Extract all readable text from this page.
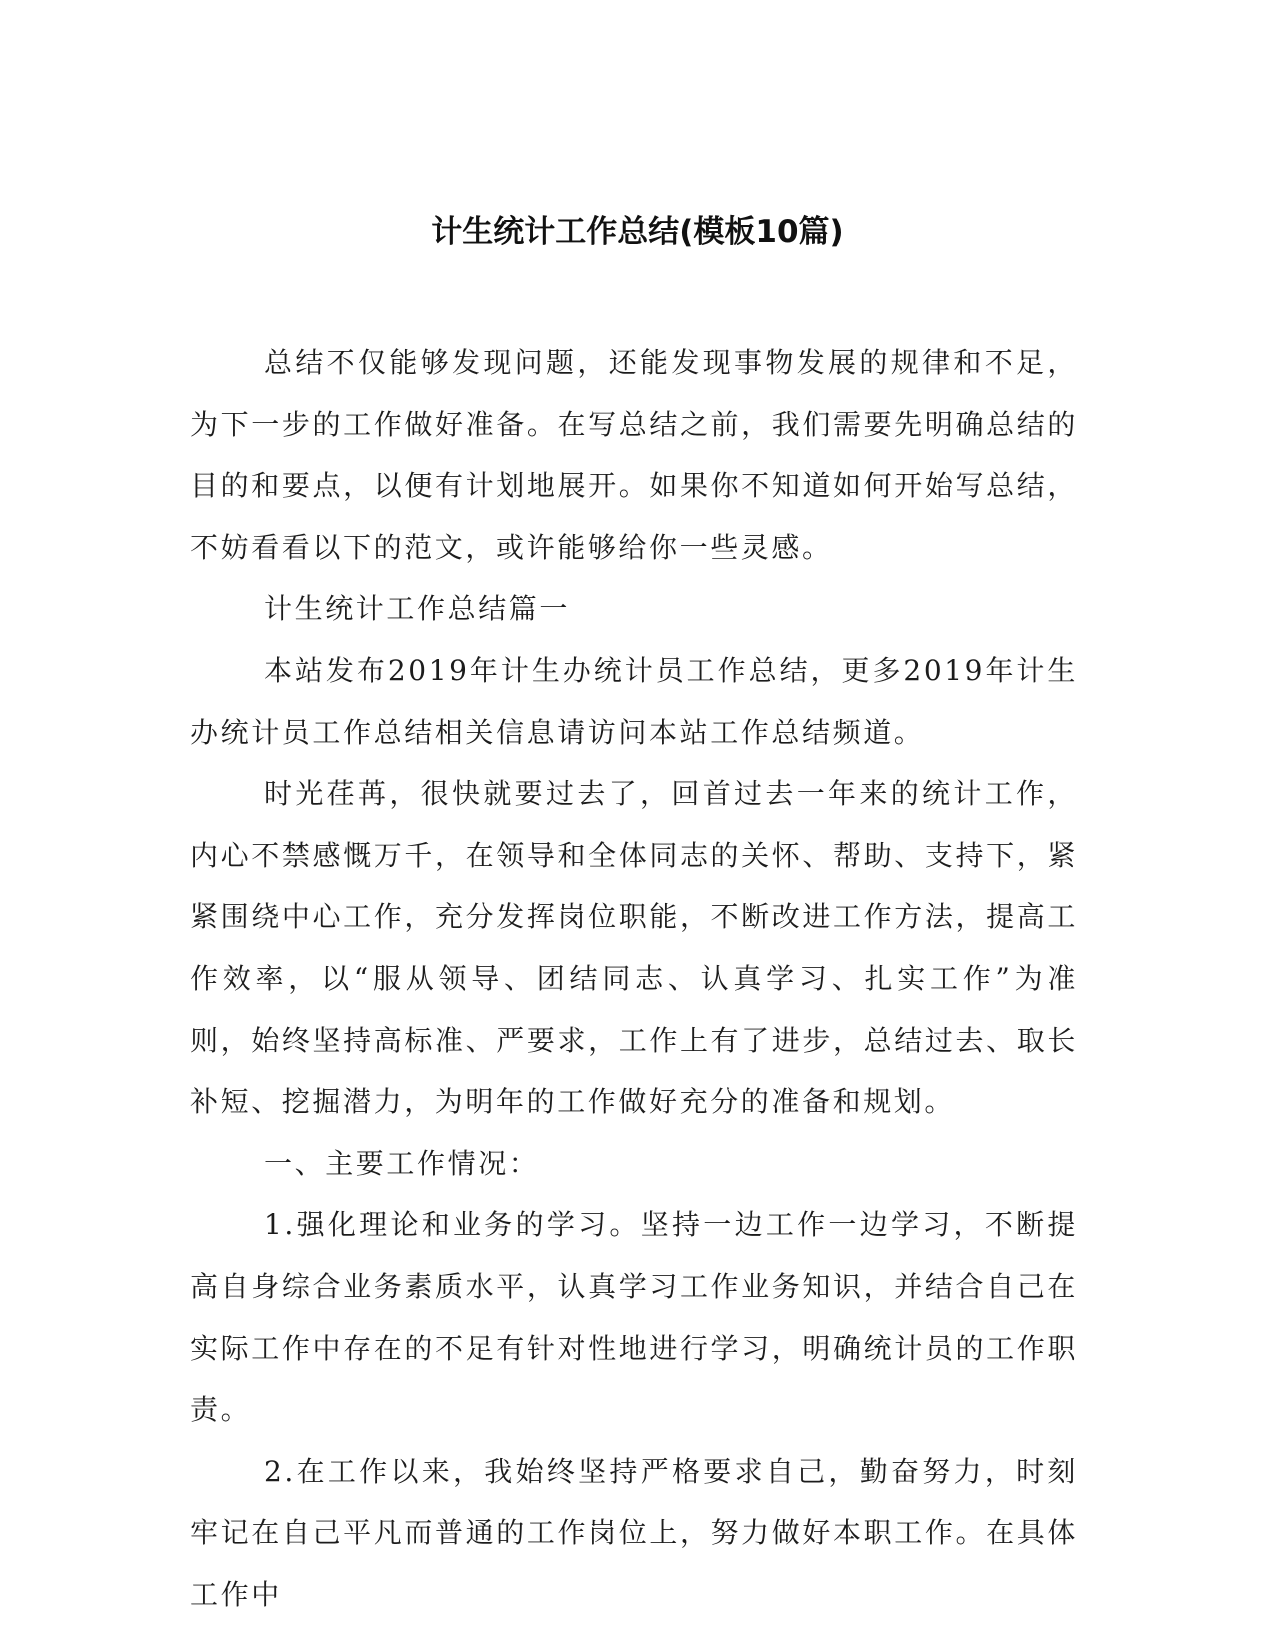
计生统计工作总结(模板10篇)

总结不仅能够发现问题，还能发现事物发展的规律和不足，为下一步的工作做好准备。在写总结之前，我们需要先明确总结的目的和要点，以便有计划地展开。如果你不知道如何开始写总结，不妨看看以下的范文，或许能够给你一些灵感。

计生统计工作总结篇一

本站发布2019年计生办统计员工作总结，更多2019年计生办统计员工作总结相关信息请访问本站工作总结频道。

时光荏苒，很快就要过去了，回首过去一年来的统计工作，内心不禁感慨万千，在领导和全体同志的关怀、帮助、支持下，紧紧围绕中心工作，充分发挥岗位职能，不断改进工作方法，提高工作效率，以“服从领导、团结同志、认真学习、扎实工作”为准则，始终坚持高标准、严要求，工作上有了进步，总结过去、取长补短、挖掘潜力，为明年的工作做好充分的准备和规划。

一、主要工作情况：

1.强化理论和业务的学习。坚持一边工作一边学习，不断提高自身综合业务素质水平，认真学习工作业务知识，并结合自己在实际工作中存在的不足有针对性地进行学习，明确统计员的工作职责。

2.在工作以来，我始终坚持严格要求自己，勤奋努力，时刻牢记在自己平凡而普通的工作岗位上，努力做好本职工作。在具体工作中
